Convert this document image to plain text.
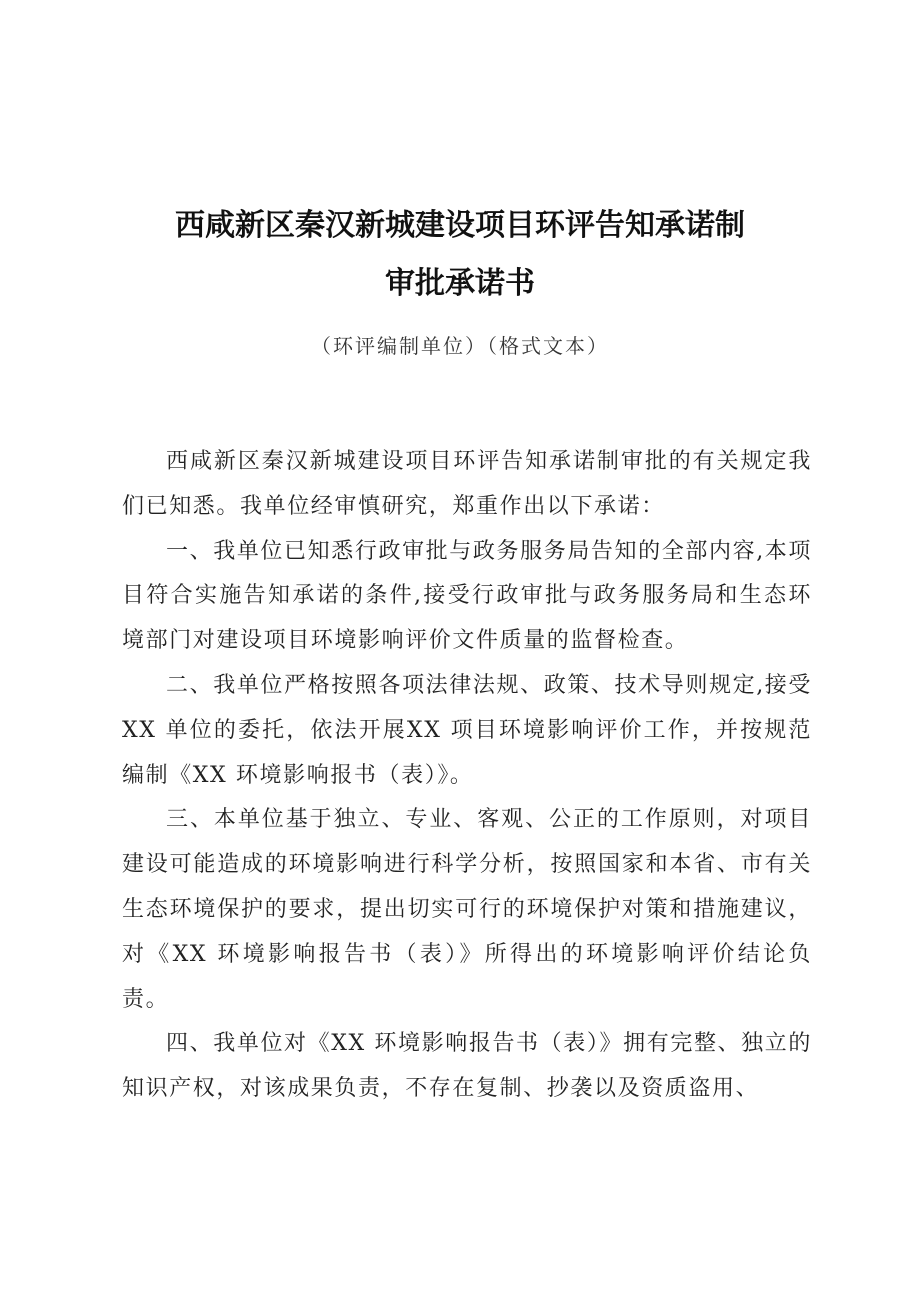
西咸新区秦汉新城建设项目环评告知承诺制
审批承诺书
（环评编制单位）（格式文本）

西咸新区秦汉新城建设项目环评告知承诺制审批的有关规定我们已知悉。我单位经审慎研究，郑重作出以下承诺：

一、我单位已知悉行政审批与政务服务局告知的全部内容,本项目符合实施告知承诺的条件,接受行政审批与政务服务局和生态环境部门对建设项目环境影响评价文件质量的监督检查。

二、我单位严格按照各项法律法规、政策、技术导则规定,接受XX 单位的委托，依法开展XX 项目环境影响评价工作，并按规范编制《XX 环境影响报书（表）》。

三、本单位基于独立、专业、客观、公正的工作原则，对项目建设可能造成的环境影响进行科学分析，按照国家和本省、市有关生态环境保护的要求，提出切实可行的环境保护对策和措施建议，对《XX 环境影响报告书（表）》所得出的环境影响评价结论负责。

四、我单位对《XX 环境影响报告书（表）》拥有完整、独立的知识产权，对该成果负责，不存在复制、抄袭以及资质盗用、
